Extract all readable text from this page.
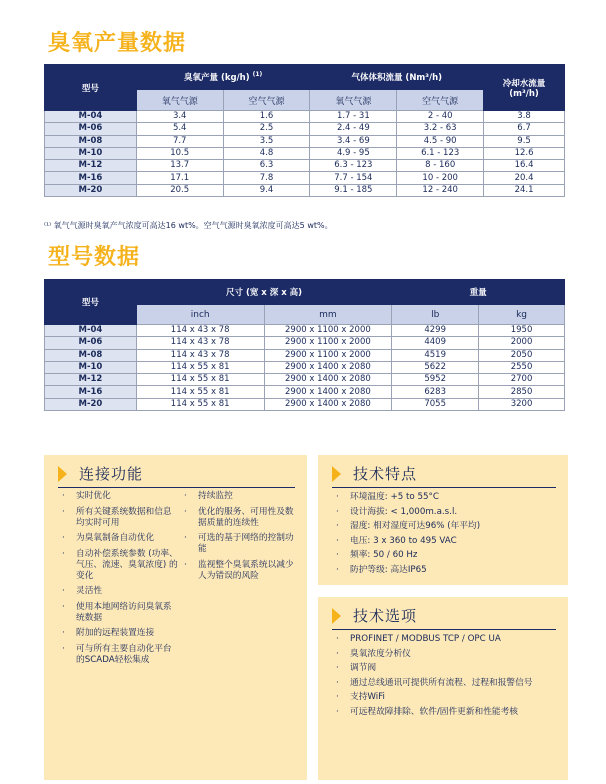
臭氧产量数据
型号	臭氧产量 (kg/h) $^{(1)}$		气体体积流量 (Nm³/h)		冷却水流量
(m³/h)
	氧气气源	空气气源	氧气气源	空气气源	
M-04	3.4	1.6	1.7 - 31	2 - 40	3.8
M-06	5.4	2.5	2.4 - 49	3.2 - 63	6.7
M-08	7.7	3.5	3.4 - 69	4.5 - 90	9.5
M-10	10.5	4.8	4.9 - 95	6.1 - 123	12.6
M-12	13.7	6.3	6.3 - 123	8 - 160	16.4
M-16	17.1	7.8	7.7 - 154	10 - 200	20.4
M-20	20.5	9.4	9.1 - 185	12 - 240	24.1
⁽¹⁾ 氧气气源时臭氧产气浓度可高达16 wt%。空气气源时臭氧浓度可高达5 wt%。
型号数据
型号	尺寸 (宽 x 深 x 高)		重量	
	inch	mm	lb	kg
M-04	114 x 43 x 78	2900 x 1100 x 2000	4299	1950
M-06	114 x 43 x 78	2900 x 1100 x 2000	4409	2000
M-08	114 x 43 x 78	2900 x 1100 x 2000	4519	2050
M-10	114 x 55 x 81	2900 x 1400 x 2080	5622	2550
M-12	114 x 55 x 81	2900 x 1400 x 2080	5952	2700
M-16	114 x 55 x 81	2900 x 1400 x 2080	6283	2850
M-20	114 x 55 x 81	2900 x 1400 x 2080	7055	3200
连接功能
· 实时优化
· 所有关键系统数据和信息均实时可用
· 为臭氧制备自动优化
· 自动补偿系统参数 (功率、气压、流速、臭氧浓度) 的变化
· 灵活性
· 使用本地网络访问臭氧系统数据
· 附加的远程装置连接
· 可与所有主要自动化平台的SCADA轻松集成
· 持续监控
· 优化的服务、可用性及数据质量的连续性
· 可选的基于网络的控制功能
· 监视整个臭氧系统以减少人为错误的风险
技术特点
· 环境温度: +5 to 55°C
· 设计海拔: < 1,000m.a.s.l.
· 湿度: 相对湿度可达96% (年平均)
· 电压: 3 x 360 to 495 VAC
· 频率: 50 / 60 Hz
· 防护等级: 高达IP65
技术选项
· PROFINET / MODBUS TCP / OPC UA
· 臭氧浓度分析仪
· 调节阀
· 通过总线通讯可提供所有流程、过程和报警信号
· 支持WiFi
· 可远程故障排除、软件/固件更新和性能考核
